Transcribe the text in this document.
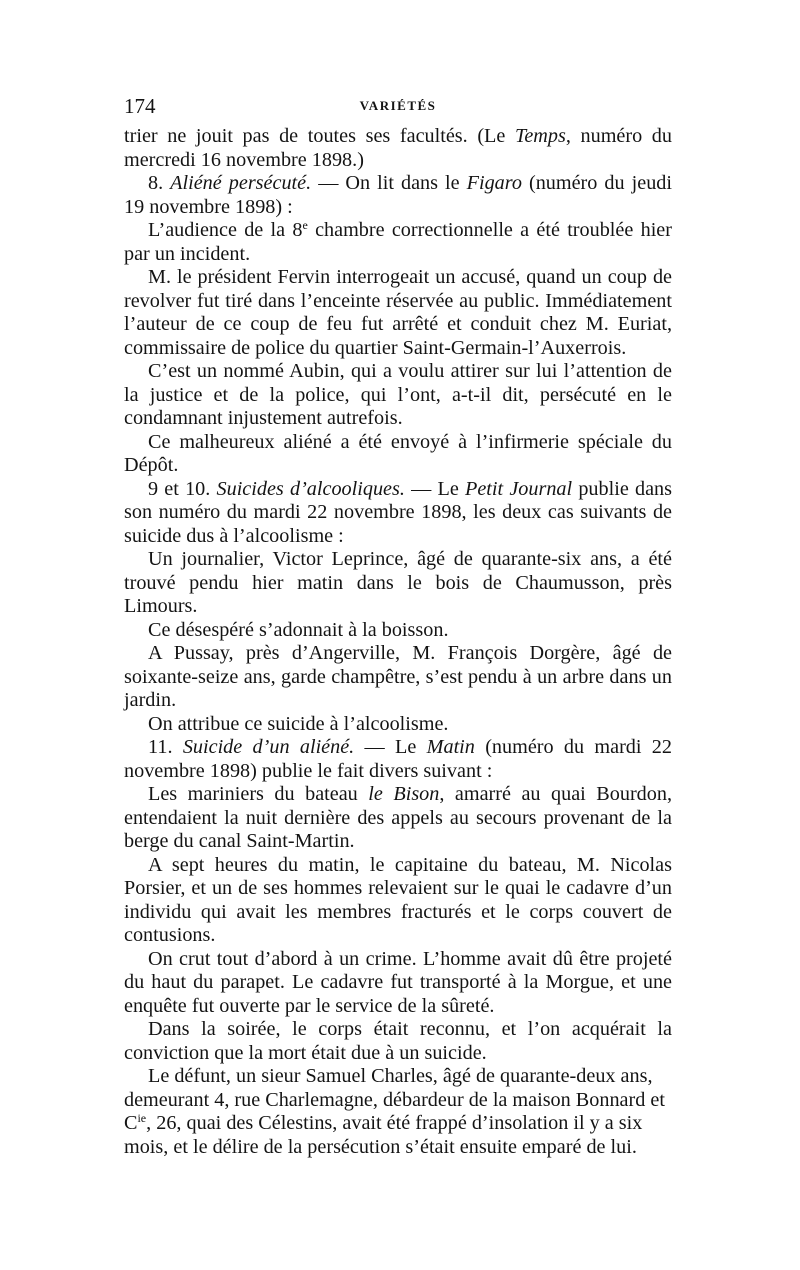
174	VARIÉTÉS

trier ne jouit pas de toutes ses facultés. (Le Temps, numéro du mercredi 16 novembre 1898.)

8. Aliéné persécuté. — On lit dans le Figaro (numéro du jeudi 19 novembre 1898) :

L’audience de la 8e chambre correctionnelle a été troublée hier par un incident.

M. le président Fervin interrogeait un accusé, quand un coup de revolver fut tiré dans l’enceinte réservée au public. Immédiatement l’auteur de ce coup de feu fut arrêté et conduit chez M. Euriat, commissaire de police du quartier Saint-Germain-l’Auxerrois.

C’est un nommé Aubin, qui a voulu attirer sur lui l’attention de la justice et de la police, qui l’ont, a-t-il dit, persécuté en le condamnant injustement autrefois.

Ce malheureux aliéné a été envoyé à l’infirmerie spéciale du Dépôt.

9 et 10. Suicides d’alcooliques. — Le Petit Journal publie dans son numéro du mardi 22 novembre 1898, les deux cas suivants de suicide dus à l’alcoolisme :

Un journalier, Victor Leprince, âgé de quarante-six ans, a été trouvé pendu hier matin dans le bois de Chaumusson, près Limours.

Ce désespéré s’adonnait à la boisson.

A Pussay, près d’Angerville, M. François Dorgère, âgé de soixante-seize ans, garde champêtre, s’est pendu à un arbre dans un jardin.

On attribue ce suicide à l’alcoolisme.

11. Suicide d’un aliéné. — Le Matin (numéro du mardi 22 novembre 1898) publie le fait divers suivant :

Les mariniers du bateau le Bison, amarré au quai Bourdon, entendaient la nuit dernière des appels au secours provenant de la berge du canal Saint-Martin.

A sept heures du matin, le capitaine du bateau, M. Nicolas Porsier, et un de ses hommes relevaient sur le quai le cadavre d’un individu qui avait les membres fracturés et le corps couvert de contusions.

On crut tout d’abord à un crime. L’homme avait dû être projeté du haut du parapet. Le cadavre fut transporté à la Morgue, et une enquête fut ouverte par le service de la sûreté.

Dans la soirée, le corps était reconnu, et l’on acquérait la conviction que la mort était due à un suicide.

Le défunt, un sieur Samuel Charles, âgé de quarante-deux ans, demeurant 4, rue Charlemagne, débardeur de la maison Bonnard et $C^{ie}$, 26, quai des Célestins, avait été frappé d’insolation il y a six mois, et le délire de la persécution s’était ensuite emparé de lui.
